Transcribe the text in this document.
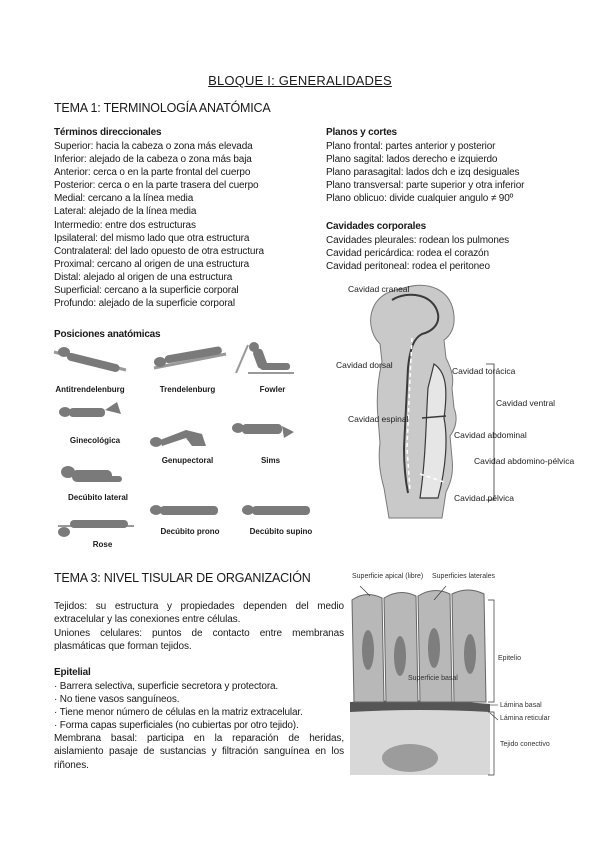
BLOQUE I: GENERALIDADES
TEMA 1: TERMINOLOGÍA ANATÓMICA
Términos direccionales
Superior: hacia la cabeza o zona más elevada
Inferior: alejado de la cabeza o zona más baja
Anterior: cerca o en la parte frontal del cuerpo
Posterior: cerca o en la parte trasera del cuerpo
Medial: cercano a la línea media
Lateral: alejado de la línea media
Intermedio: entre dos estructuras
Ipsilateral: del mismo lado que otra estructura
Contralateral: del lado opuesto de otra estructura
Proximal: cercano al origen de una estructura
Distal: alejado al origen de una estructura
Superficial: cercano a la superficie corporal
Profundo: alejado de la superficie corporal
Planos y cortes
Plano frontal: partes anterior y posterior
Plano sagital: lados derecho e izquierdo
Plano parasagital: lados dch e izq desiguales
Plano transversal: parte superior y otra inferior
Plano oblicuo: divide cualquier angulo ≠ 90º
Cavidades corporales
Cavidades pleurales: rodean los pulmones
Cavidad pericárdica: rodea el corazón
Cavidad peritoneal: rodea el peritoneo
Cavidad craneal
Cavidad dorsal
Cavidad torácica
Cavidad ventral
Cavidad espinal
Cavidad abdominal
Cavidad abdomino-pélvica
Cavidad pélvica
Posiciones anatómicas
Antitrendelenburg	Trendelenburg	Fowler
Ginecológica
Genupectoral	Sims
Decúbito lateral
Decúbito prono	Decúbito supino
Rose
TEMA 3: NIVEL TISULAR DE ORGANIZACIÓN
Tejidos: su estructura y propiedades dependen del medio extracelular y las conexiones entre células.
Uniones celulares: puntos de contacto entre membranas plasmáticas que forman tejidos.
Epitelial
· Barrera selectiva, superficie secretora y protectora.
· No tiene vasos sanguíneos.
· Tiene menor número de células en la matriz extracelular.
· Forma capas superficiales (no cubiertas por otro tejido).
Membrana basal: participa en la reparación de heridas, aislamiento pasaje de sustancias y filtración sanguínea en los riñones.
Superficie apical (libre) Superficies laterales
Superficie basal
Epitelio
Lámina basal
Lámina reticular
Tejido conectivo
